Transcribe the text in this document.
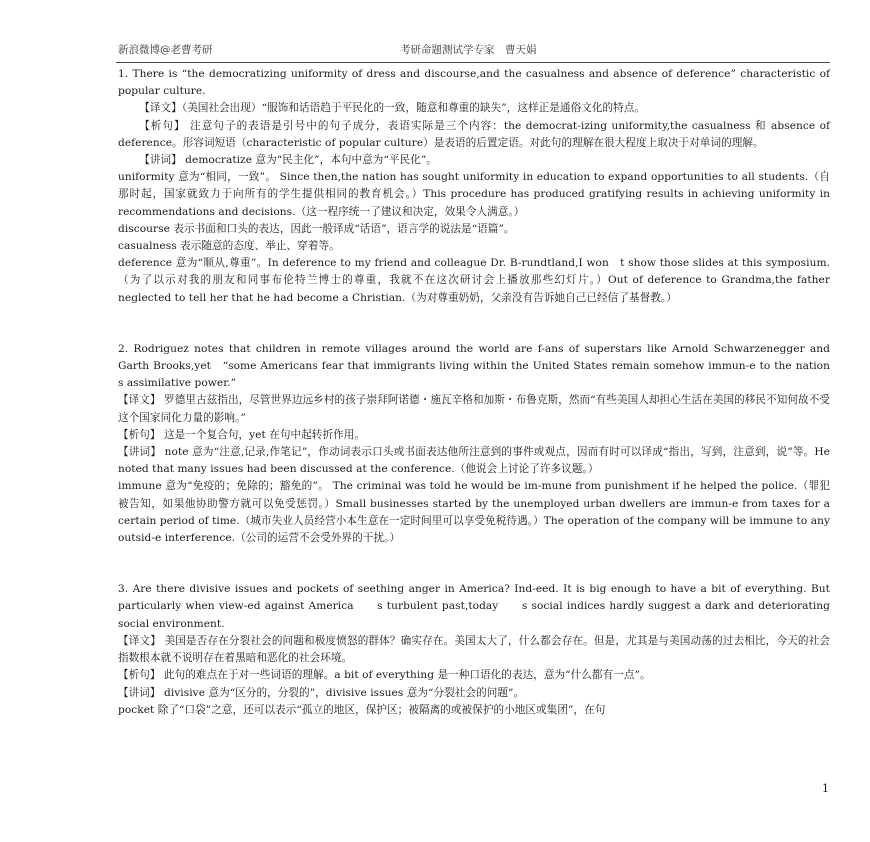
新浪微博@老曹考研	考研命题测试学专家　曹天娟

1. There is “the democratizing uniformity of dress and discourse,and the casualness and absence of deference” characteristic of popular culture.

【译文】（美国社会出现）“服饰和话语趋于平民化的一致，随意和尊重的缺失”，这样正是通俗文化的特点。

【析句】 注意句子的表语是引号中的句子成分，表语实际是三个内容：the democrat-izing uniformity,the casualness 和 absence of deference。形容词短语（characteristic of popular culture）是表语的后置定语。对此句的理解在很大程度上取决于对单词的理解。

【讲词】 democratize 意为“民主化”，本句中意为“平民化”。

uniformity 意为“相同，一致”。 Since then,the nation has sought uniformity in education to expand opportunities to all students.（自那时起，国家就致力于向所有的学生提供相同的教育机会。）This procedure has produced gratifying results in achieving uniformity in recommendations and decisions.（这一程序统一了建议和决定，效果令人满意。）

discourse 表示书面和口头的表达，因此一般译成“话语”，语言学的说法是“语篇”。

casualness 表示随意的态度、举止、穿着等。

deference 意为“顺从,尊重”。In deference to my friend and colleague Dr. B-rundtland,I won　t show those slides at this symposium.（为了以示对我的朋友和同事布伦特兰博士的尊重，我就不在这次研讨会上播放那些幻灯片。）Out of deference to Grandma,the father neglected to tell her that he had become a Christian.（为对尊重奶奶，父亲没有告诉她自己已经信了基督教。）

2. Rodriguez notes that children in remote villages around the world are f-ans of superstars like Arnold Schwarzenegger and Garth Brooks,yet　“some Americans fear that immigrants living within the United States remain somehow immun-e to the nation　　s assimilative power.”

【译文】 罗德里古兹指出，尽管世界边远乡村的孩子崇拜阿诺德・施瓦辛格和加斯・布鲁克斯，然而“有些美国人却担心生活在美国的移民不知何故不受这个国家同化力量的影响。”

【析句】 这是一个复合句，yet 在句中起转折作用。

【讲词】 note 意为“注意,记录,作笔记”，作动词表示口头或书面表达他所注意到的事件或观点，因而有时可以译成“指出，写到，注意到，说”等。He noted that many issues had been discussed at the conference.（他说会上讨论了许多议题。）

immune 意为“免疫的；免除的；豁免的”。 The criminal was told he would be im-mune from punishment if he helped the police.（罪犯被告知，如果他协助警方就可以免受惩罚。）Small businesses started by the unemployed urban dwellers are immun-e from taxes for a certain period of time.（城市失业人员经营小本生意在一定时间里可以享受免税待遇。）The operation of the company will be immune to any outsid-e interference.（公司的运营不会受外界的干扰。）

3. Are there divisive issues and pockets of seething anger in America? Ind-eed. It is big enough to have a bit of everything. But particularly when view-ed against America　　s turbulent past,today　　s social indices hardly suggest a dark and deteriorating social environment.

【译文】 美国是否存在分裂社会的问题和极度愤怒的群体？确实存在。美国太大了，什么都会存在。但是，尤其是与美国动荡的过去相比，今天的社会指数根本就不说明存在着黑暗和恶化的社会环境。

【析句】 此句的难点在于对一些词语的理解。a bit of everything 是一种口语化的表达，意为“什么都有一点”。

【讲词】 divisive 意为“区分的，分裂的”，divisive issues 意为“分裂社会的问题”。

pocket 除了“口袋”之意，还可以表示“孤立的地区，保护区；被隔离的或被保护的小地区或集团”，在句

1
